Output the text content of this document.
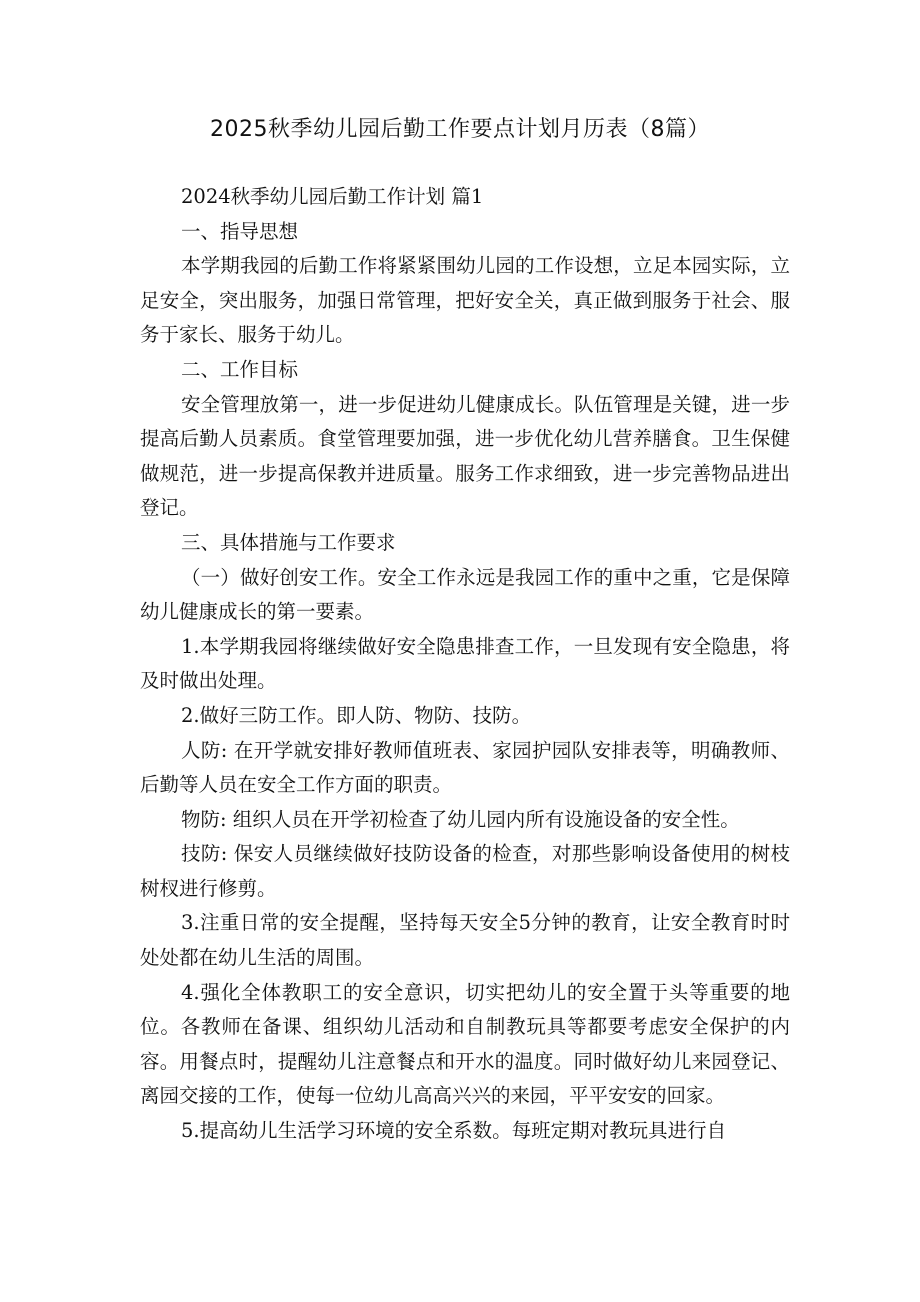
2025秋季幼儿园后勤工作要点计划月历表（8篇）

2024秋季幼儿园后勤工作计划 篇1

一、指导思想

本学期我园的后勤工作将紧紧围幼儿园的工作设想，立足本园实际，立足安全，突出服务，加强日常管理，把好安全关，真正做到服务于社会、服务于家长、服务于幼儿。

二、工作目标

安全管理放第一，进一步促进幼儿健康成长。队伍管理是关键，进一步提高后勤人员素质。食堂管理要加强，进一步优化幼儿营养膳食。卫生保健做规范，进一步提高保教并进质量。服务工作求细致，进一步完善物品进出登记。

三、具体措施与工作要求

（一）做好创安工作。安全工作永远是我园工作的重中之重，它是保障幼儿健康成长的第一要素。

1.本学期我园将继续做好安全隐患排查工作，一旦发现有安全隐患，将及时做出处理。

2.做好三防工作。即人防、物防、技防。

人防: 在开学就安排好教师值班表、家园护园队安排表等，明确教师、后勤等人员在安全工作方面的职责。

物防: 组织人员在开学初检查了幼儿园内所有设施设备的安全性。

技防: 保安人员继续做好技防设备的检查，对那些影响设备使用的树枝树杈进行修剪。

3.注重日常的安全提醒，坚持每天安全5分钟的教育，让安全教育时时处处都在幼儿生活的周围。

4.强化全体教职工的安全意识，切实把幼儿的安全置于头等重要的地位。各教师在备课、组织幼儿活动和自制教玩具等都要考虑安全保护的内容。用餐点时，提醒幼儿注意餐点和开水的温度。同时做好幼儿来园登记、离园交接的工作，使每一位幼儿高高兴兴的来园，平平安安的回家。

5.提高幼儿生活学习环境的安全系数。每班定期对教玩具进行自
